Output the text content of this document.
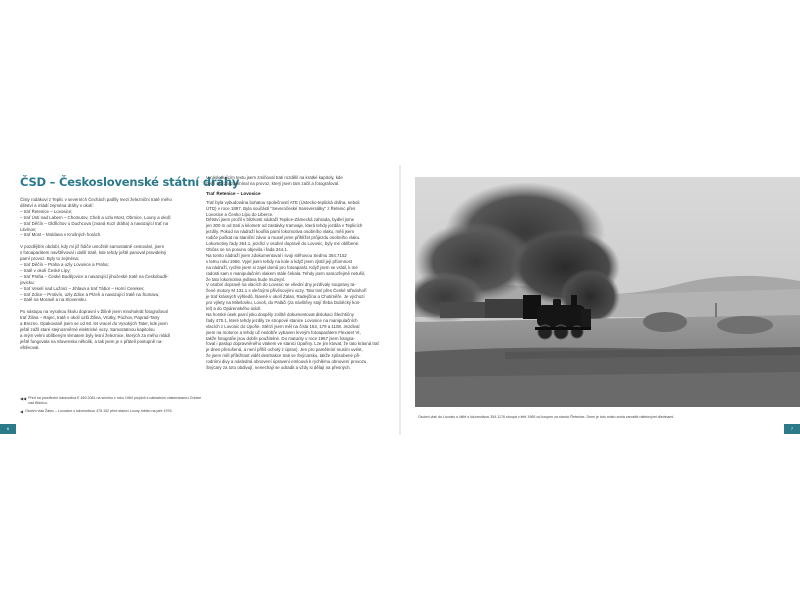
ČSD – Československé státní dráhy
Čisty rodákovi z Teplic v severních Čechách patřily mezi železniční tratě mého
dětství a mládí zejména dráhy v okolí:
– trať Řetenice – Lovosice;
– trať Ústí nad Labem – Chomutov, Cheb a uzlu Most, Obrnice, Louny a okolí;
– trať Děčín – Oldřichov u Duchcova (zvaná Kozí dráha) a navazující trať na
Litvínov;
– trať Most – Moldava v Krušných horách.

V pozdějším období, kdy mi již řidiče umožnili samostatně cestování, jsem
s fotoaparátem navštěvoval i další tratě, kde tehdy ještě panoval pravidelný
parní provoz. Byly to zejména:
– trať Děčín – Praha a uzly Lovosice a Praha;
– tratě v okolí České Lípy;
– trať Praha – České Budějovice a navazující jihočeské tratě na Českobudě-
jovicku;
– trať Veselí nad Lužnicí – Jihlava a trať Tábor – Horní Cerekev;
– trať Zdice – Protivín, uzly Zdice a Plzeň a navazující tratě na Šumavu;
– tratě na Moravě a na Slovensku.

Po nástupu na Vysokou školu dopravní v Žilině jsem mnohokrát fotografoval
trať Žilina – Rajec, tratě v okolí uzlů Žilina, Vrútky, Púchov, Paprad-Tatry
a Brezno. Opakovaně jsem se od 60. let vracel do Vysokých Tater, kde jsem
ještě zažil staré stejnosměrné elektrické vozy. Samostatnou kapitolou
a mým velmi oblíbeným tématem byly lesní železnice, kterých za mého mládí
ještě fungovala na Slovensku několik, a tak jsem je s přátelí postupně na-
vštěvoval.
◀◀ Před na prostřední lokomotiva E 469.2081 na snímku z roku 1984 projíždí s nákladním vlakemstanicí Zvlnice nad Blšnicu.
◀ Osobní vlak Žatec – Lovosice s lokomotivou 475.152 před stanicí Louny-město na jaře 1976.
6
V následujícím textu jsem zmiňoval trati rozdělil na kratké kapitoly, kde
bych rád zavzpomínal na provoz, který jsem tam začil a fotografoval.
Trať Řetenice – Lovosice
Trať byla vybudována bohatou společností ATE (Ústecko-teplická dráha, neboli
ÚTD) v roce 1897. Byla součástí "Severočeské transversálky" z Řetenic přes
Lovosice a Česko Lípu do Liberce.
Dětství jsem prožil v blízkosti nádraží Teplice-Zámecká zahrada, bydlel jsme
jen 300 m od tratí a kilometr od zastávky tramvaje, která tehdy jezdila v Teplicích
jezdily. Pokud na nádraží kouřila parní lokomotiva osobního vlaku, měli jsem
rodiče počkat na staniční závor a musel jsme přihlížet průjezdu osobního vlaku.
Lokomotivy řady 354.1, jezdící v osobní dopravě do Lovosic, byly mé oblíbené.
Občas se na posunu objevila i řada 344.1.
Na tomto nádraží jsem zdokumentoval i svoji stěhovou Sedmu 354.7152
v letnu roku 1966. Vyjel jsem tehdy na kole a když jsem zjistil její příomnost
na nádraží, rychle jsem si zajel domů pro fotoaparát. Když jsem se vrátil, k mé
radosti sam s manipulačním vlakem stále čekala. Tehdy jsem samozřejmě netušil,
že tato lokomotiva jedlava bude muzejní.
V osobní dopravě na vlacích do Lovosic se všední dny jezdívaly soupravy ta-
žené motory M 131.1 s vlečnými přívěsovými vozy. Tato trať přes České středohoří
je trať krásných výhledů, hlavně v okolí Žalan, Radejčína a Chotiměře. Je výchozí
pro výlety na Milešovku, Lovoš, do Paláči (za návštěvy stojí třeba Duběcký kos-
tel) a do Opárenského údolí.
Na horské úsek parní jsko dospěly zoiště dokumentovat dislokaci Šlechtičny
řady 475.1, které tehdy jezdily ze stropové stanice Lovosice na manipulačních
vlacích z Lovosic do Úpořie. Stěrzi jsem měl na čísla 153, 179 a 1108. Jezdíval
jsem na motorce a tehdy už nedobře vybaven levným fotoaparátem Flexaret VI,
takže fotografie jsou dobře použitelné. Do maturity v roce 1967 jsem fotogra-
foval i pastup dopravněného vlakem ve stanici Úpařiny. Lze jim ktovat, že tato krásná trať
je dnes přerušená, a není příliš ochotý z úprav). Jen pro pamětníní musím uvést,
že jsem měl příležitost vidět desítrakce trati ve Švýcarsku, takže způsobené při-
rodními divy a následná obnovení úpravení emlouvá k rychlému obnovení provozu.
Švýcary za toto obdivují, nenechají se odradit a vždy si dělají na přesných.
Osobní vlak do Lovosic s čiště s lokomotivou 354.1176 stoupá v létě 1965 od koupen za stanicí Řetenice. Dnes je toto místo zcela zarostlé náletovými dřevinami.
7
